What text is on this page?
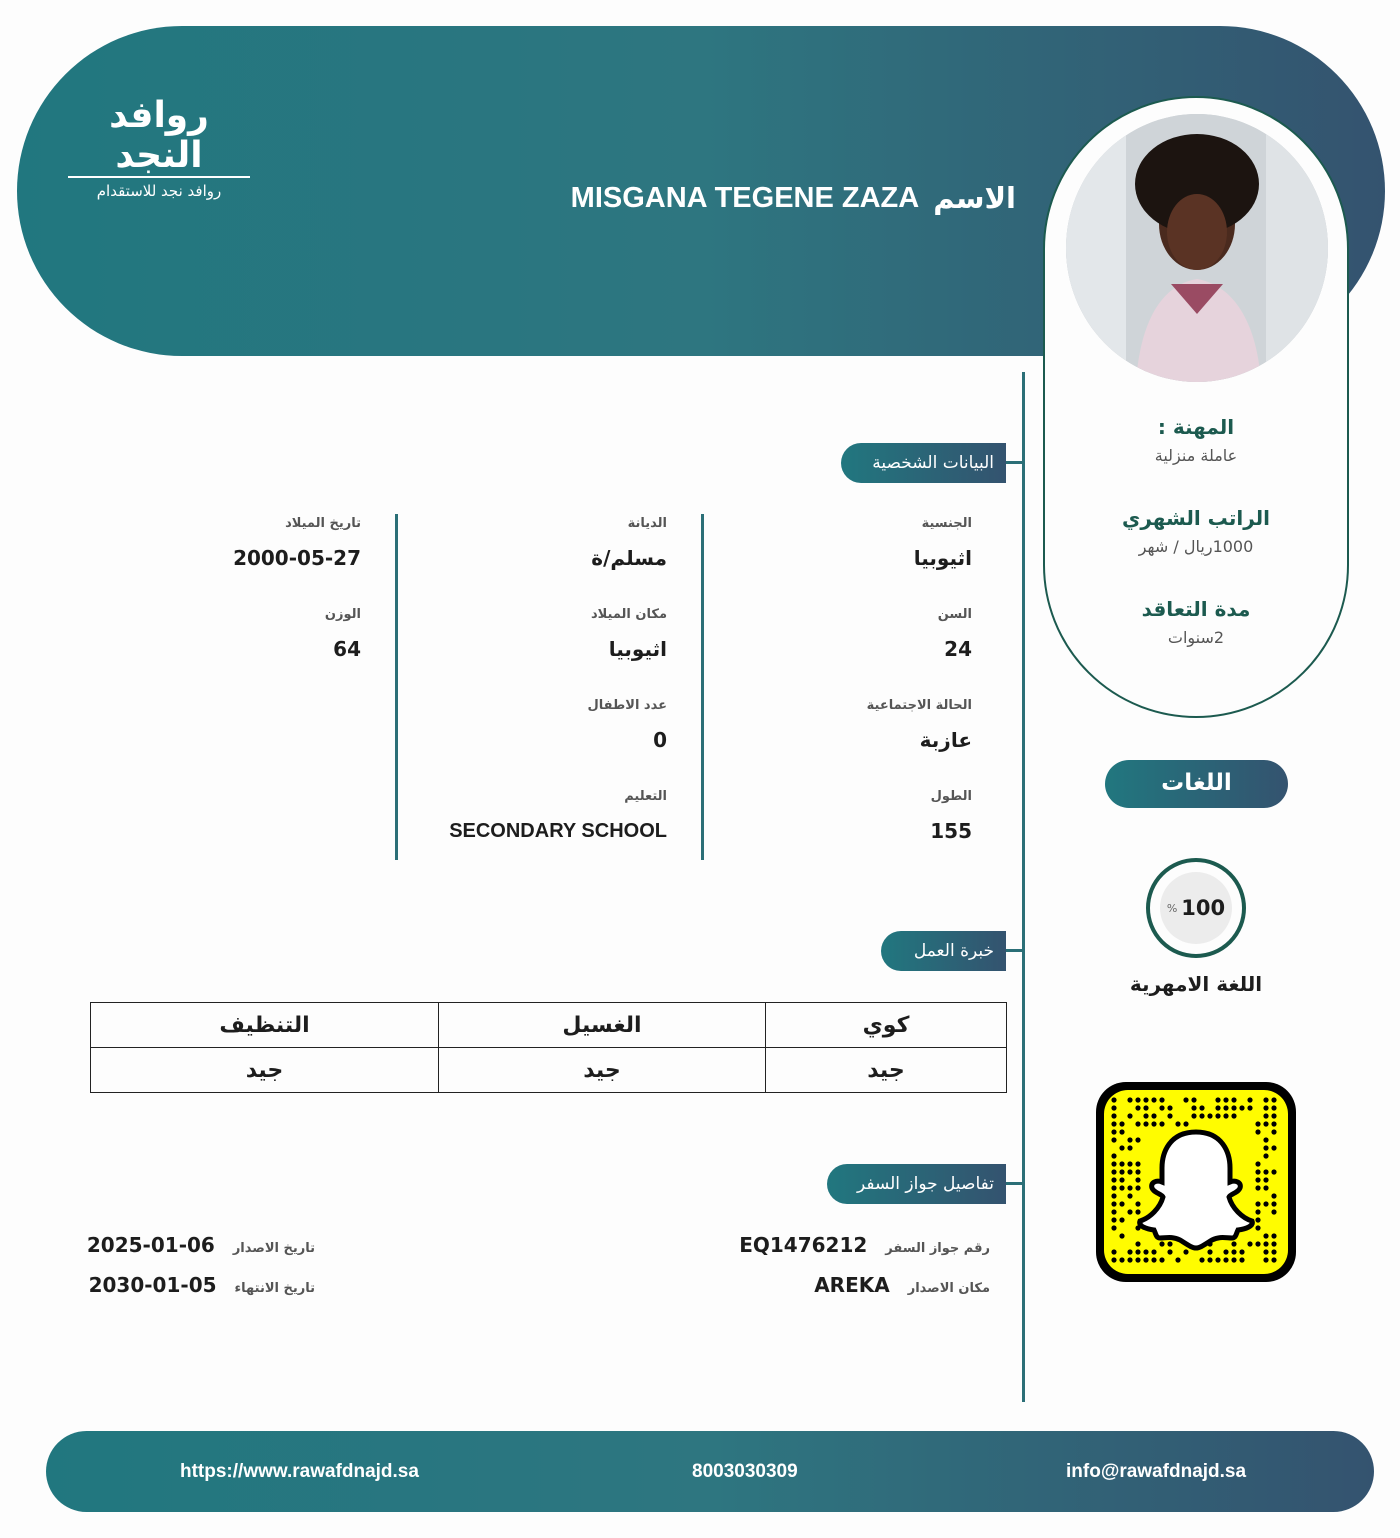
روافد النجد
روافد نجد للاستقدام	الاسم
MISGANA TEGENE ZAZA
المهنة :
عاملة منزلية
الراتب الشهري
1000ريال / شهر
مدة التعاقد
2سنوات
البيانات الشخصية
الجنسية
اثيوبيا
السن
24
الحالة الاجتماعية
عازبة
الطول
155
الديانة
مسلم/ة
مكان الميلاد
اثيوبيا
عدد الاطفال
0
التعليم
SECONDARY SCHOOL
تاريخ الميلاد
2000-05-27
الوزن
64
خبرة العمل
كوي	الغسيل	التنظيف
جيد	جيد	جيد
تفاصيل جواز السفر
رقم جواز السفر
EQ1476212
مكان الاصدار
AREKA
تاريخ الاصدار
2025-01-06
تاريخ الانتهاء
2030-01-05
اللغات
% 100
اللغة الامهرية
https://www.rawafdnajd.sa	8003030309	info@rawafdnajd.sa
